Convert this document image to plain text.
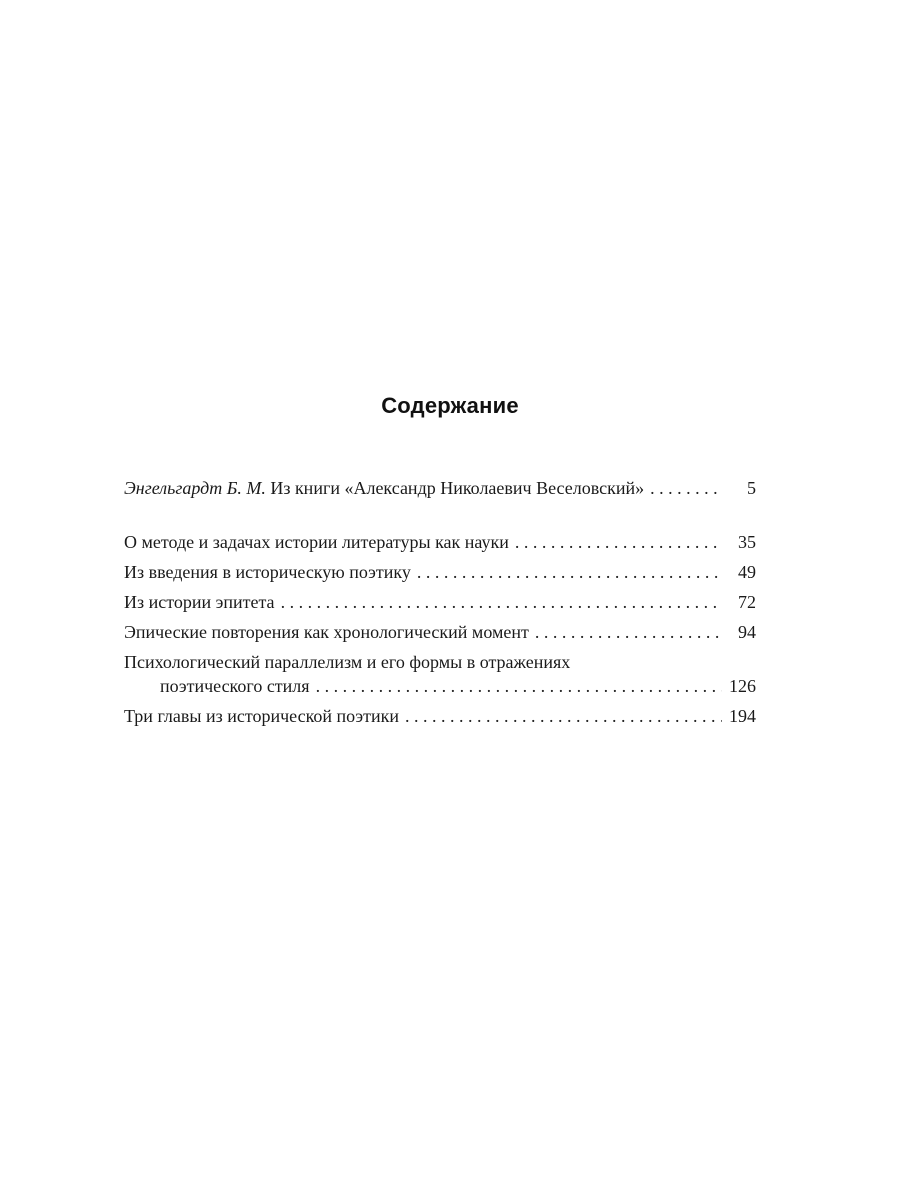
Содержание
Энгельгардт Б. М. Из книги «Александр Николаевич Веселовский» . . .	5
О методе и задачах истории литературы как науки . . .	35
Из введения в историческую поэтику . . .	49
Из истории эпитета . . .	72
Эпические повторения как хронологический момент . . .	94
Психологический параллелизм и его формы в отражениях
поэтического стиля . . .	126
Три главы из исторической поэтики . . .	194
